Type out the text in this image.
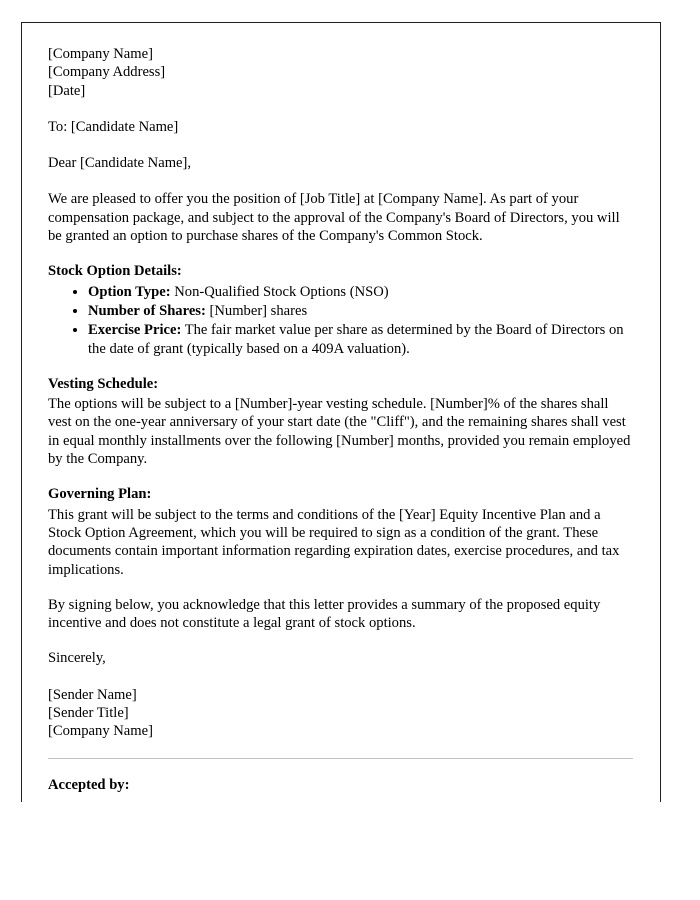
[Company Name]
[Company Address]
[Date]
To: [Candidate Name]
Dear [Candidate Name],

We are pleased to offer you the position of [Job Title] at [Company Name]. As part of your compensation package, and subject to the approval of the Company's Board of Directors, you will be granted an option to purchase shares of the Company's Common Stock.

Stock Option Details:
• Option Type: Non-Qualified Stock Options (NSO)
• Number of Shares: [Number] shares
• Exercise Price: The fair market value per share as determined by the Board of Directors on the date of grant (typically based on a 409A valuation).
Vesting Schedule:

The options will be subject to a [Number]-year vesting schedule. [Number]% of the shares shall vest on the one-year anniversary of your start date (the "Cliff"), and the remaining shares shall vest in equal monthly installments over the following [Number] months, provided you remain employed by the Company.

Governing Plan:

This grant will be subject to the terms and conditions of the [Year] Equity Incentive Plan and a Stock Option Agreement, which you will be required to sign as a condition of the grant. These documents contain important information regarding expiration dates, exercise procedures, and tax implications.

By signing below, you acknowledge that this letter provides a summary of the proposed equity incentive and does not constitute a legal grant of stock options.

Sincerely,
[Sender Name]
[Sender Title]
[Company Name]
Accepted by:
